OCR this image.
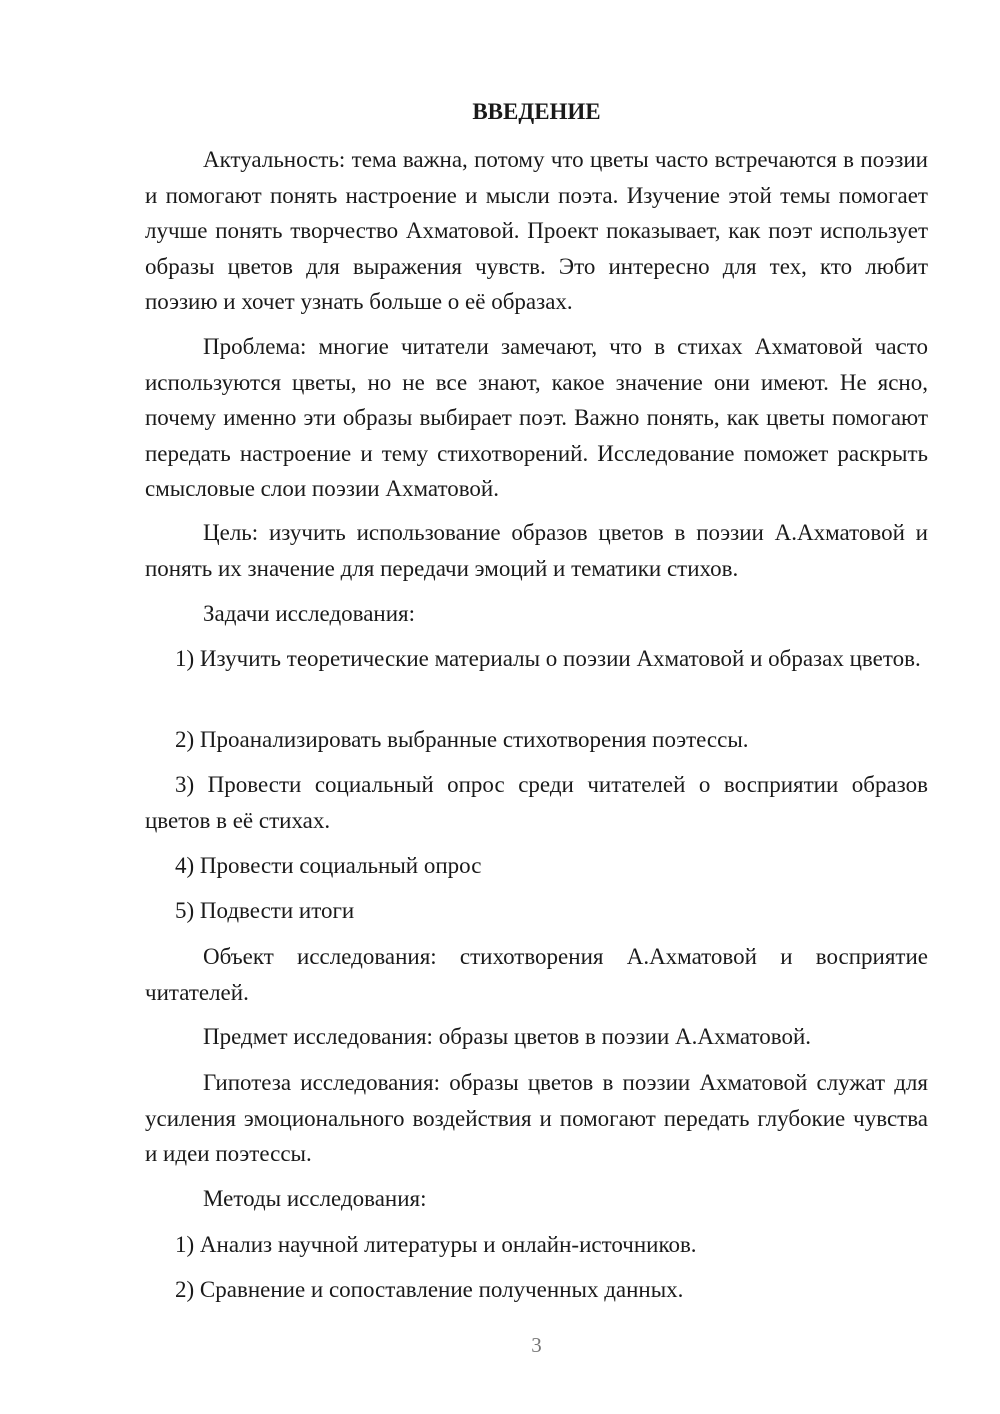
ВВЕДЕНИЕ

Актуальность: тема важна, потому что цветы часто встречаются в поэзии и помогают понять настроение и мысли поэта. Изучение этой темы помогает лучше понять творчество Ахматовой. Проект показывает, как поэт использует образы цветов для выражения чувств. Это интересно для тех, кто любит поэзию и хочет узнать больше о её образах.

Проблема: многие читатели замечают, что в стихах Ахматовой часто используются цветы, но не все знают, какое значение они имеют. Не ясно, почему именно эти образы выбирает поэт. Важно понять, как цветы помогают передать настроение и тему стихотворений. Исследование поможет раскрыть смысловые слои поэзии Ахматовой.

Цель: изучить использование образов цветов в поэзии А.Ахматовой и понять их значение для передачи эмоций и тематики стихов.

Задачи исследования:

1) Изучить теоретические материалы о поэзии Ахматовой и образах цветов.

2) Проанализировать выбранные стихотворения поэтессы.

3) Провести социальный опрос среди читателей о восприятии образов цветов в её стихах.

4) Провести социальный опрос

5) Подвести итоги

Объект исследования: стихотворения А.Ахматовой и восприятие читателей.

Предмет исследования: образы цветов в поэзии А.Ахматовой.

Гипотеза исследования: образы цветов в поэзии Ахматовой служат для усиления эмоционального воздействия и помогают передать глубокие чувства и идеи поэтессы.

Методы исследования:

1) Анализ научной литературы и онлайн-источников.

2) Сравнение и сопоставление полученных данных.

3
